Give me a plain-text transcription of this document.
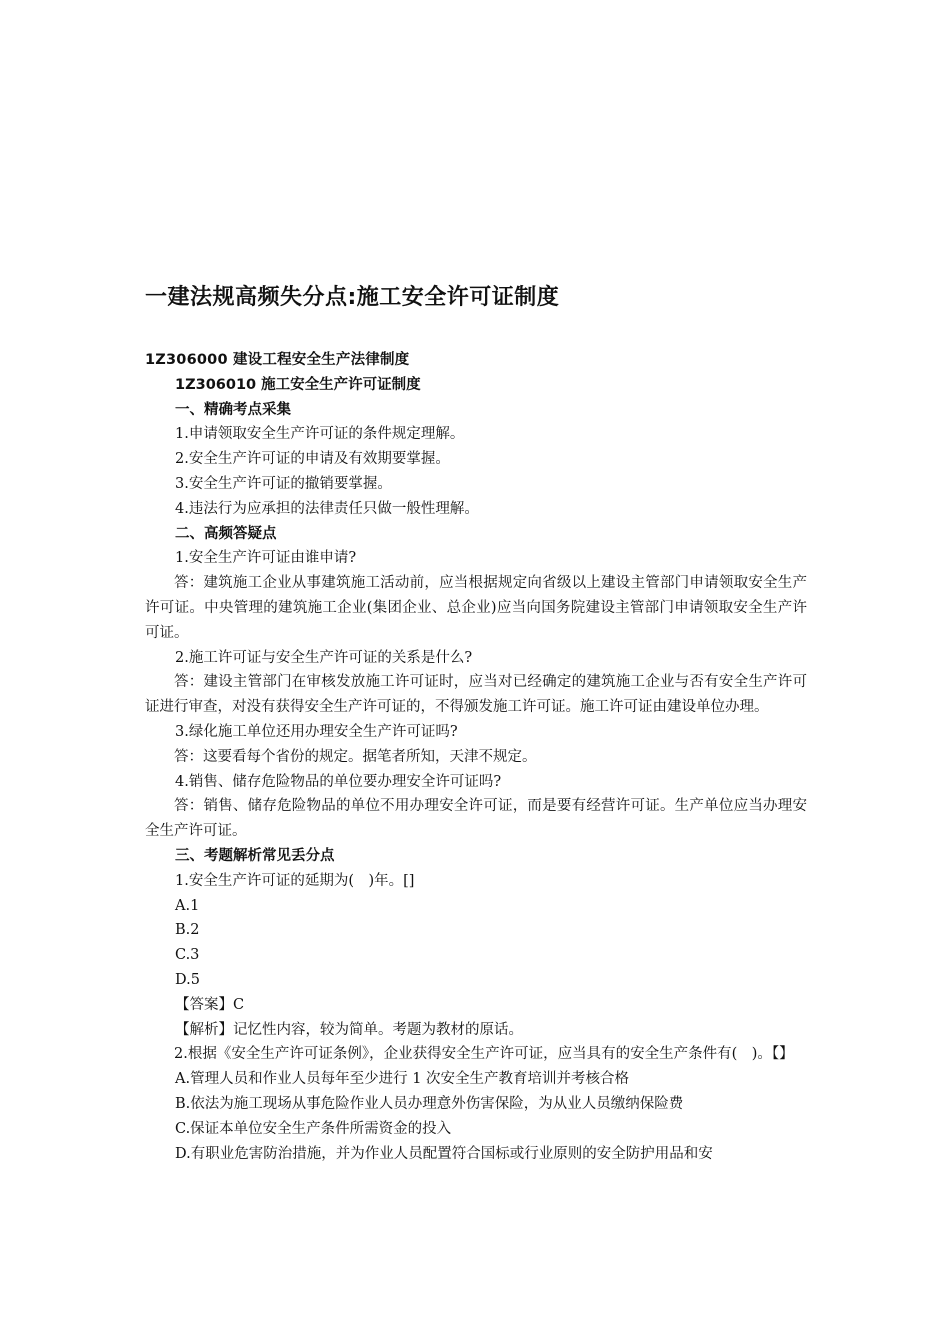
一建法规高频失分点:施工安全许可证制度
1Z306000 建设工程安全生产法律制度
1Z306010 施工安全生产许可证制度
一、精确考点采集
1.申请领取安全生产许可证的条件规定理解。
2.安全生产许可证的申请及有效期要掌握。
3.安全生产许可证的撤销要掌握。
4.违法行为应承担的法律责任只做一般性理解。
二、高频答疑点
1.安全生产许可证由谁申请?
答：建筑施工企业从事建筑施工活动前，应当根据规定向省级以上建设主管部门申请领取安全生产许可证。中央管理的建筑施工企业(集团企业、总企业)应当向国务院建设主管部门申请领取安全生产许可证。
2.施工许可证与安全生产许可证的关系是什么?
答：建设主管部门在审核发放施工许可证时，应当对已经确定的建筑施工企业与否有安全生产许可证进行审查，对没有获得安全生产许可证的，不得颁发施工许可证。施工许可证由建设单位办理。
3.绿化施工单位还用办理安全生产许可证吗?
答：这要看每个省份的规定。据笔者所知，天津不规定。
4.销售、储存危险物品的单位要办理安全许可证吗?
答：销售、储存危险物品的单位不用办理安全许可证，而是要有经营许可证。生产单位应当办理安全生产许可证。
三、考题解析常见丢分点
1.安全生产许可证的延期为(　)年。[]
A.1
B.2
C.3
D.5
【答案】C
【解析】记忆性内容，较为简单。考题为教材的原话。
2.根据《安全生产许可证条例》，企业获得安全生产许可证，应当具有的安全生产条件有(　)。【】
A.管理人员和作业人员每年至少进行 1 次安全生产教育培训并考核合格
B.依法为施工现场从事危险作业人员办理意外伤害保险，为从业人员缴纳保险费
C.保证本单位安全生产条件所需资金的投入
D.有职业危害防治措施，并为作业人员配置符合国标或行业原则的安全防护用品和安
